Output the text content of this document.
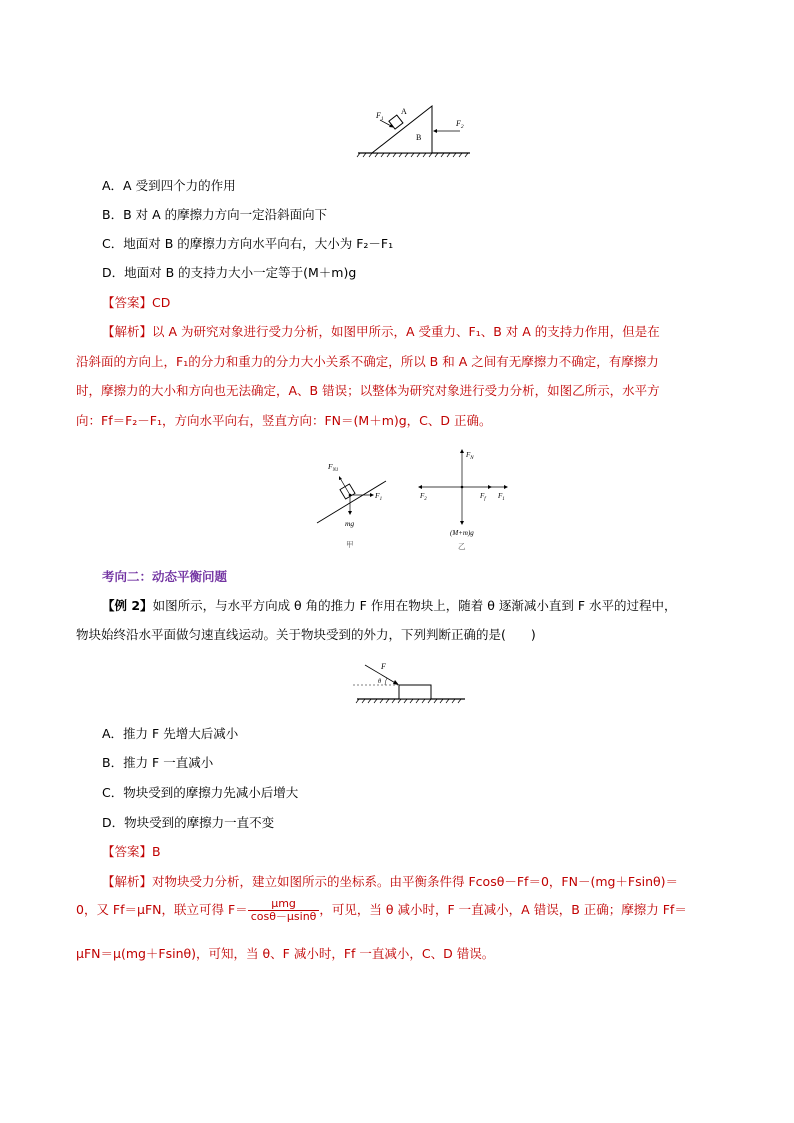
$F_1$
A
B
$F_2$
A．A 受到四个力的作用
B．B 对 A 的摩擦力方向一定沿斜面向下
C．地面对 B 的摩擦力方向水平向右，大小为 F₂－F₁
D．地面对 B 的支持力大小一定等于(M＋m)g
【答案】CD
【解析】以 A 为研究对象进行受力分析，如图甲所示，A 受重力、F₁、B 对 A 的支持力作用，但是在
沿斜面的方向上，F₁的分力和重力的分力大小关系不确定，所以 B 和 A 之间有无摩擦力不确定，有摩擦力
时，摩擦力的大小和方向也无法确定，A、B 错误；以整体为研究对象进行受力分析，如图乙所示，水平方
向：Ff＝F₂－F₁，方向水平向右，竖直方向：FN＝(M＋m)g，C、D 正确。
$F_{N1}$
$F_1$
mg
甲
$F_N$
$F_2$	$F_f$ $F_1$
(M+m)g
乙
考向二：动态平衡问题
【例 2】如图所示，与水平方向成 θ 角的推力 F 作用在物块上，随着 θ 逐渐减小直到 F 水平的过程中，
物块始终沿水平面做匀速直线运动。关于物块受到的外力，下列判断正确的是(　　)
F
θ
A．推力 F 先增大后减小
B．推力 F 一直减小
C．物块受到的摩擦力先减小后增大
D．物块受到的摩擦力一直不变
【答案】B
【解析】对物块受力分析，建立如图所示的坐标系。由平衡条件得 Fcosθ－Ff＝0，FN－(mg＋Fsinθ)＝
0，又 Ff＝μFN，联立可得 $F= \frac{\text{μmg}}{\cos\theta-\mu\sin\theta}$ ，可见，当 θ 减小时，F 一直减小，A 错误，B 正确；摩擦力 Ff＝
μFN＝μ(mg＋Fsinθ)，可知，当 θ、F 减小时，Ff 一直减小，C、D 错误。
